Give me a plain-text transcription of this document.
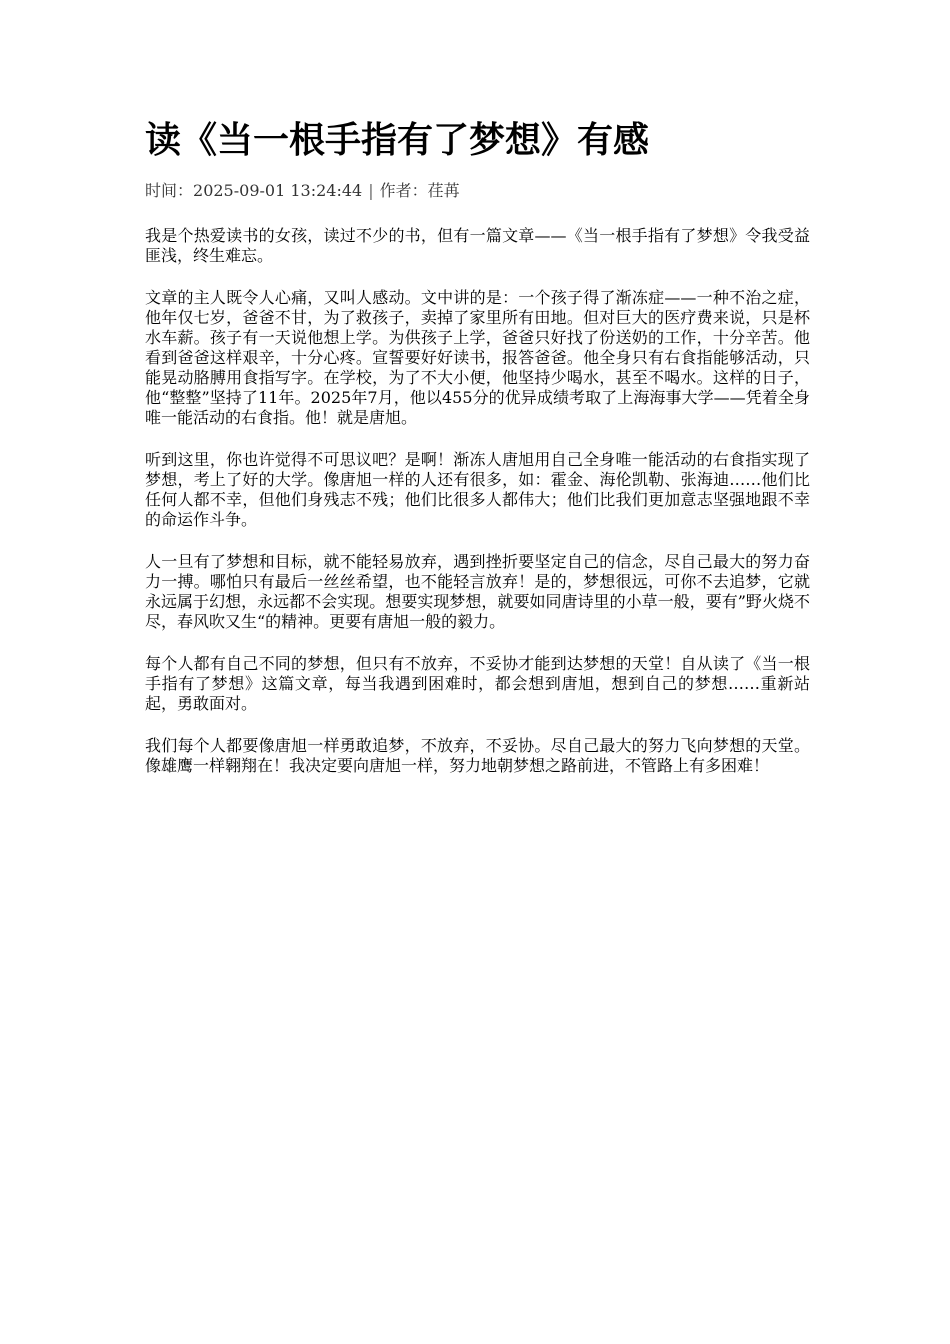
读《当一根手指有了梦想》有感
时间：2025-09-01 13:24:44 | 作者：荏苒

我是个热爱读书的女孩，读过不少的书，但有一篇文章——《当一根手指有了梦想》令我受益匪浅，终生难忘。

文章的主人既令人心痛，又叫人感动。文中讲的是：一个孩子得了渐冻症——一种不治之症，他年仅七岁，爸爸不甘，为了救孩子，卖掉了家里所有田地。但对巨大的医疗费来说，只是杯水车薪。孩子有一天说他想上学。为供孩子上学，爸爸只好找了份送奶的工作，十分辛苦。他看到爸爸这样艰辛，十分心疼。宣誓要好好读书，报答爸爸。他全身只有右食指能够活动，只能晃动胳膊用食指写字。在学校，为了不大小便，他坚持少喝水，甚至不喝水。这样的日子，他“整整”坚持了11年。2025年7月，他以455分的优异成绩考取了上海海事大学——凭着全身唯一能活动的右食指。他！就是唐旭。

听到这里，你也许觉得不可思议吧？是啊！渐冻人唐旭用自己全身唯一能活动的右食指实现了梦想，考上了好的大学。像唐旭一样的人还有很多，如：霍金、海伦凯勒、张海迪……他们比任何人都不幸，但他们身残志不残；他们比很多人都伟大；他们比我们更加意志坚强地跟不幸的命运作斗争。

人一旦有了梦想和目标，就不能轻易放弃，遇到挫折要坚定自己的信念，尽自己最大的努力奋力一搏。哪怕只有最后一丝丝希望，也不能轻言放弃！是的，梦想很远，可你不去追梦，它就永远属于幻想，永远都不会实现。想要实现梦想，就要如同唐诗里的小草一般，要有”野火烧不尽，春风吹又生“的精神。更要有唐旭一般的毅力。

每个人都有自己不同的梦想，但只有不放弃，不妥协才能到达梦想的天堂！自从读了《当一根手指有了梦想》这篇文章，每当我遇到困难时，都会想到唐旭，想到自己的梦想……重新站起，勇敢面对。

我们每个人都要像唐旭一样勇敢追梦，不放弃，不妥协。尽自己最大的努力飞向梦想的天堂。像雄鹰一样翱翔在！我决定要向唐旭一样，努力地朝梦想之路前进，不管路上有多困难！
